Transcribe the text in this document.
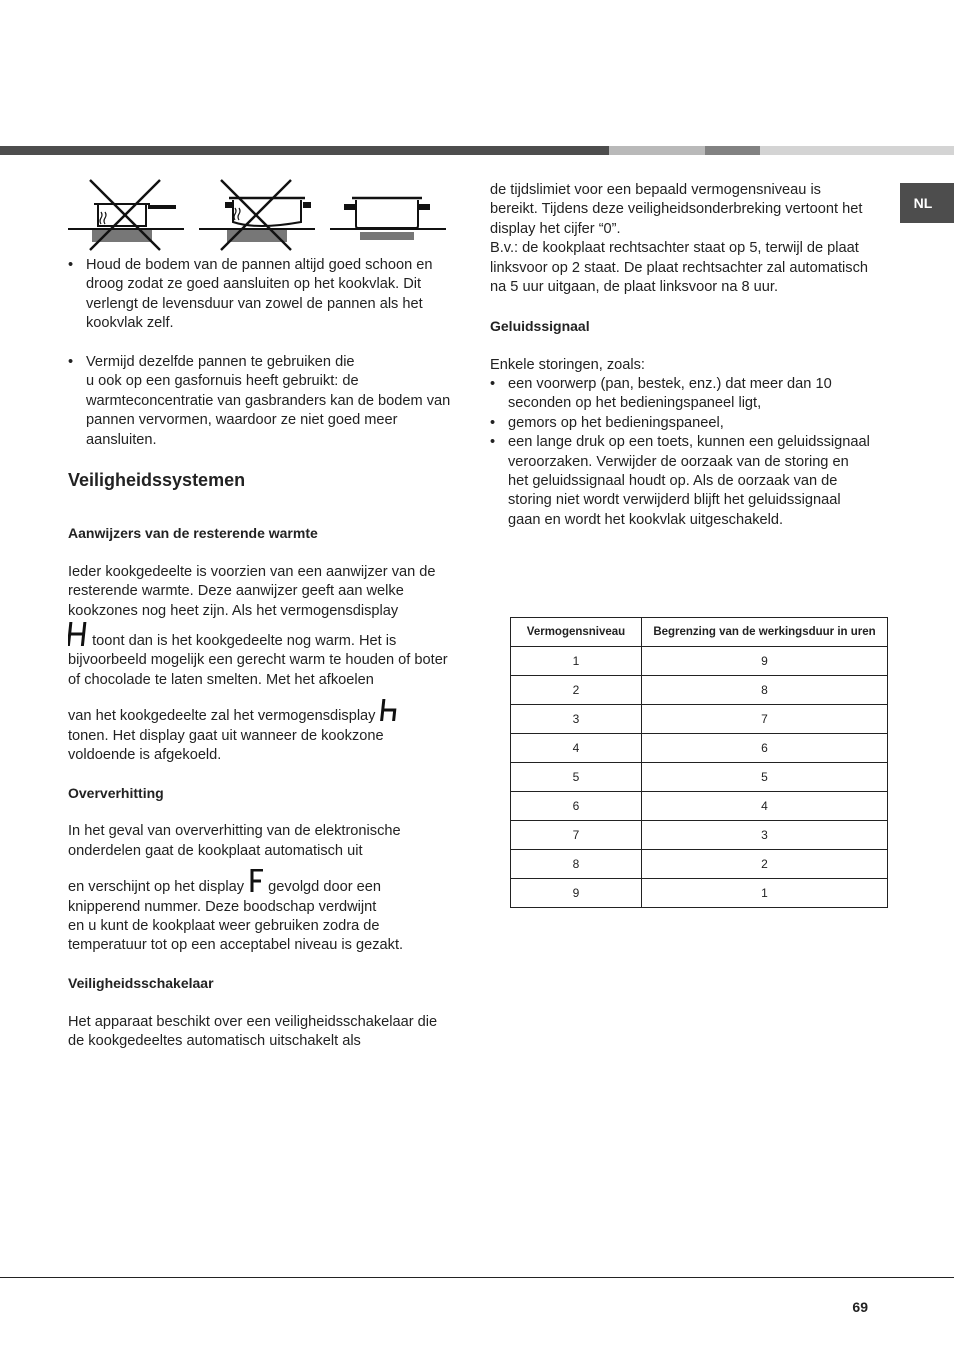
NL

• Houd de bodem van de pannen altijd goed schoon en droog zodat ze goed aansluiten op het kookvlak. Dit verlengt de levensduur van zowel de pannen als het kookvlak zelf.

• Vermijd dezelfde pannen te gebruiken die
u ook op een gasfornuis heeft gebruikt: de warmteconcentratie van gasbranders kan de bodem van pannen vervormen, waardoor ze niet goed meer aansluiten.

Veiligheidssystemen
Aanwijzers van de resterende warmte

Ieder kookgedeelte is voorzien van een aanwijzer van de resterende warmte. Deze aanwijzer geeft aan welke kookzones nog heet zijn. Als het vermogensdisplay
toont dan is het kookgedeelte nog warm. Het is bijvoorbeeld mogelijk een gerecht warm te houden of boter of chocolade te laten smelten. Met het afkoelen

van het kookgedeelte zal het vermogensdisplay
tonen. Het display gaat uit wanneer de kookzone voldoende is afgekoeld.

Oververhitting

In het geval van oververhitting van de elektronische onderdelen gaat de kookplaat automatisch uit

en verschijnt op het display gevolgd door een knipperend nummer. Deze boodschap verdwijnt
en u kunt de kookplaat weer gebruiken zodra de temperatuur tot op een acceptabel niveau is gezakt.

Veiligheidsschakelaar

Het apparaat beschikt over een veiligheidsschakelaar die de kookgedeeltes automatisch uitschakelt als

de tijdslimiet voor een bepaald vermogensniveau is bereikt. Tijdens deze veiligheidsonderbreking vertoont het display het cijfer “0”.

B.v.: de kookplaat rechtsachter staat op 5, terwijl de plaat linksvoor op 2 staat. De plaat rechtsachter zal automatisch na 5 uur uitgaan, de plaat linksvoor na 8 uur.

Geluidssignaal

Enkele storingen, zoals:

• een voorwerp (pan, bestek, enz.) dat meer dan 10 seconden op het bedieningspaneel ligt,

• gemors op het bedieningspaneel,

• een lange druk op een toets, kunnen een geluidssignaal veroorzaken. Verwijder de oorzaak van de storing en het geluidssignaal houdt op. Als de oorzaak van de storing niet wordt verwijderd blijft het geluidssignaal gaan en wordt het kookvlak uitgeschakeld.

Vermogensniveau	Begrenzing van de werkingsduur in uren
1	9
2	8
3	7
4	6
5	5
6	4
7	3
8	2
9	1
69
